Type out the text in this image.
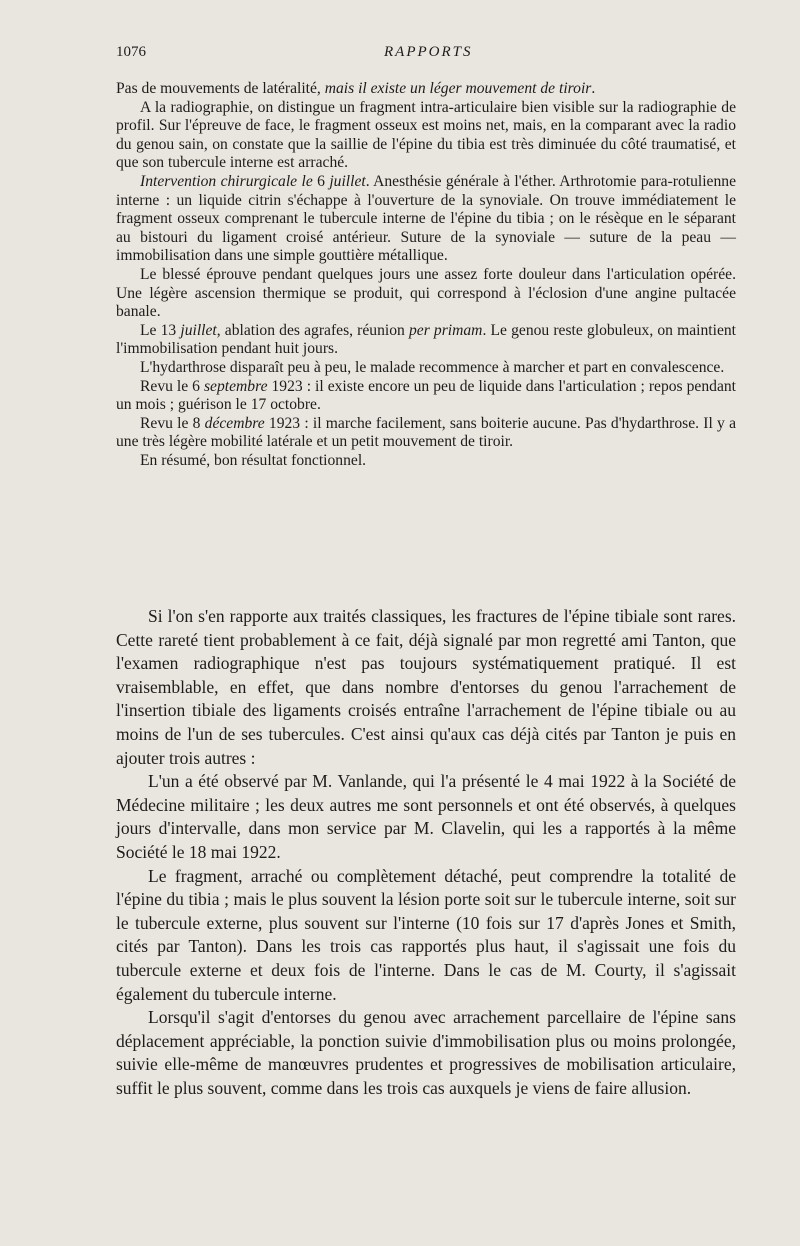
1076	RAPPORTS

Pas de mouvements de latéralité, mais il existe un léger mouvement de tiroir.

A la radiographie, on distingue un fragment intra-articulaire bien visible sur la radiographie de profil. Sur l'épreuve de face, le fragment osseux est moins net, mais, en la comparant avec la radio du genou sain, on constate que la saillie de l'épine du tibia est très diminuée du côté traumatisé, et que son tubercule interne est arraché.

Intervention chirurgicale le 6 juillet. Anesthésie générale à l'éther. Arthrotomie para-rotulienne interne : un liquide citrin s'échappe à l'ouverture de la synoviale. On trouve immédiatement le fragment osseux comprenant le tubercule interne de l'épine du tibia ; on le résèque en le séparant au bistouri du ligament croisé antérieur. Suture de la synoviale — suture de la peau — immobilisation dans une simple gouttière métallique.

Le blessé éprouve pendant quelques jours une assez forte douleur dans l'articulation opérée. Une légère ascension thermique se produit, qui correspond à l'éclosion d'une angine pultacée banale.

Le 13 juillet, ablation des agrafes, réunion per primam. Le genou reste globuleux, on maintient l'immobilisation pendant huit jours.

L'hydarthrose disparaît peu à peu, le malade recommence à marcher et part en convalescence.

Revu le 6 septembre 1923 : il existe encore un peu de liquide dans l'articulation ; repos pendant un mois ; guérison le 17 octobre.

Revu le 8 décembre 1923 : il marche facilement, sans boiterie aucune. Pas d'hydarthrose. Il y a une très légère mobilité latérale et un petit mouvement de tiroir.

En résumé, bon résultat fonctionnel.

Si l'on s'en rapporte aux traités classiques, les fractures de l'épine tibiale sont rares. Cette rareté tient probablement à ce fait, déjà signalé par mon regretté ami Tanton, que l'examen radiographique n'est pas toujours systématiquement pratiqué. Il est vraisemblable, en effet, que dans nombre d'entorses du genou l'arrachement de l'insertion tibiale des ligaments croisés entraîne l'arrachement de l'épine tibiale ou au moins de l'un de ses tubercules. C'est ainsi qu'aux cas déjà cités par Tanton je puis en ajouter trois autres :

L'un a été observé par M. Vanlande, qui l'a présenté le 4 mai 1922 à la Société de Médecine militaire ; les deux autres me sont personnels et ont été observés, à quelques jours d'intervalle, dans mon service par M. Clavelin, qui les a rapportés à la même Société le 18 mai 1922.

Le fragment, arraché ou complètement détaché, peut comprendre la totalité de l'épine du tibia ; mais le plus souvent la lésion porte soit sur le tubercule interne, soit sur le tubercule externe, plus souvent sur l'interne (10 fois sur 17 d'après Jones et Smith, cités par Tanton). Dans les trois cas rapportés plus haut, il s'agissait une fois du tubercule externe et deux fois de l'interne. Dans le cas de M. Courty, il s'agissait également du tubercule interne.

Lorsqu'il s'agit d'entorses du genou avec arrachement parcellaire de l'épine sans déplacement appréciable, la ponction suivie d'immobilisation plus ou moins prolongée, suivie elle-même de manœuvres prudentes et progressives de mobilisation articulaire, suffit le plus souvent, comme dans les trois cas auxquels je viens de faire allusion.
